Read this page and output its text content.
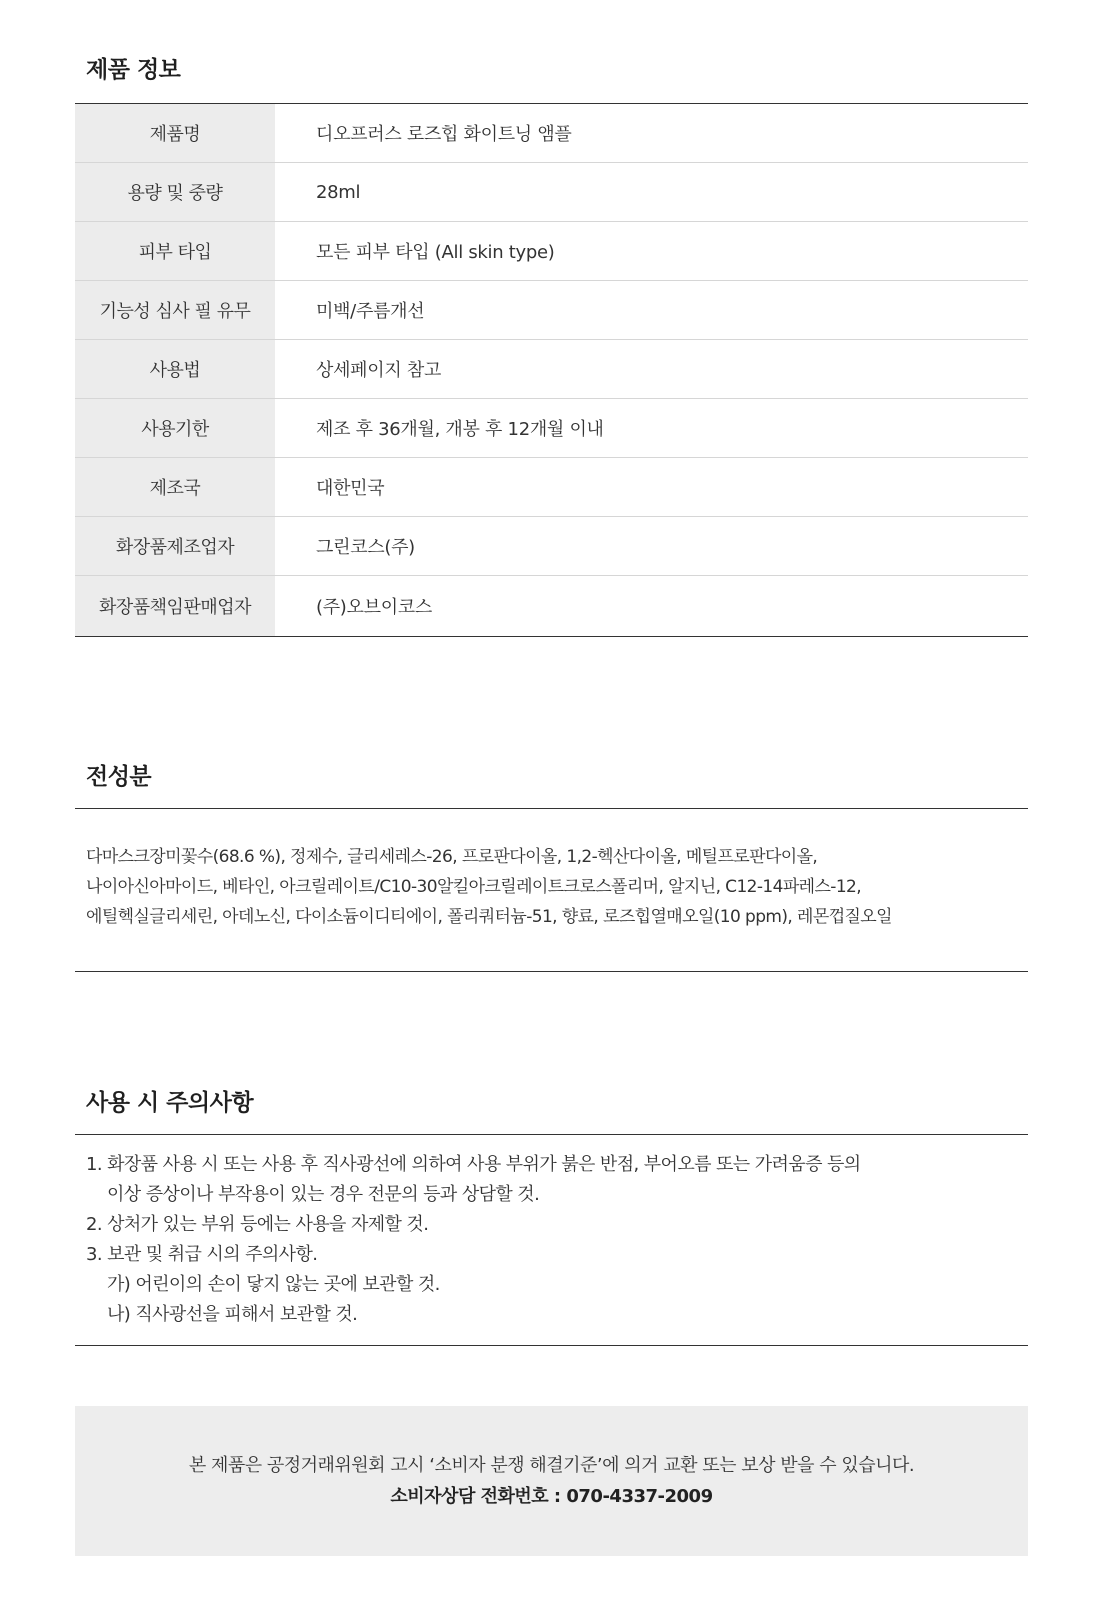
제품 정보
제품명	디오프러스 로즈힙 화이트닝 앰플
용량 및 중량	28ml
피부 타입	모든 피부 타입 (All skin type)
기능성 심사 필 유무	미백/주름개선
사용법	상세페이지 참고
사용기한	제조 후 36개월, 개봉 후 12개월 이내
제조국	대한민국
화장품제조업자	그린코스(주)
화장품책임판매업자	(주)오브이코스
전성분

다마스크장미꽃수(68.6 %), 정제수, 글리세레스-26, 프로판다이올, 1,2-헥산다이올, 메틸프로판다이올,
나이아신아마이드, 베타인, 아크릴레이트/C10-30알킬아크릴레이트크로스폴리머, 알지닌, C12-14파레스-12,
에틸헥실글리세린, 아데노신, 다이소듐이디티에이, 폴리쿼터늄-51, 향료, 로즈힙열매오일(10 ppm), 레몬껍질오일

사용 시 주의사항
1. 화장품 사용 시 또는 사용 후 직사광선에 의하여 사용 부위가 붉은 반점, 부어오름 또는 가려움증 등의
이상 증상이나 부작용이 있는 경우 전문의 등과 상담할 것.
2. 상처가 있는 부위 등에는 사용을 자제할 것.
3. 보관 및 취급 시의 주의사항.
가) 어린이의 손이 닿지 않는 곳에 보관할 것.
나) 직사광선을 피해서 보관할 것.
본 제품은 공정거래위원회 고시 ‘소비자 분쟁 해결기준’에 의거 교환 또는 보상 받을 수 있습니다.
소비자상담 전화번호 : 070-4337-2009
